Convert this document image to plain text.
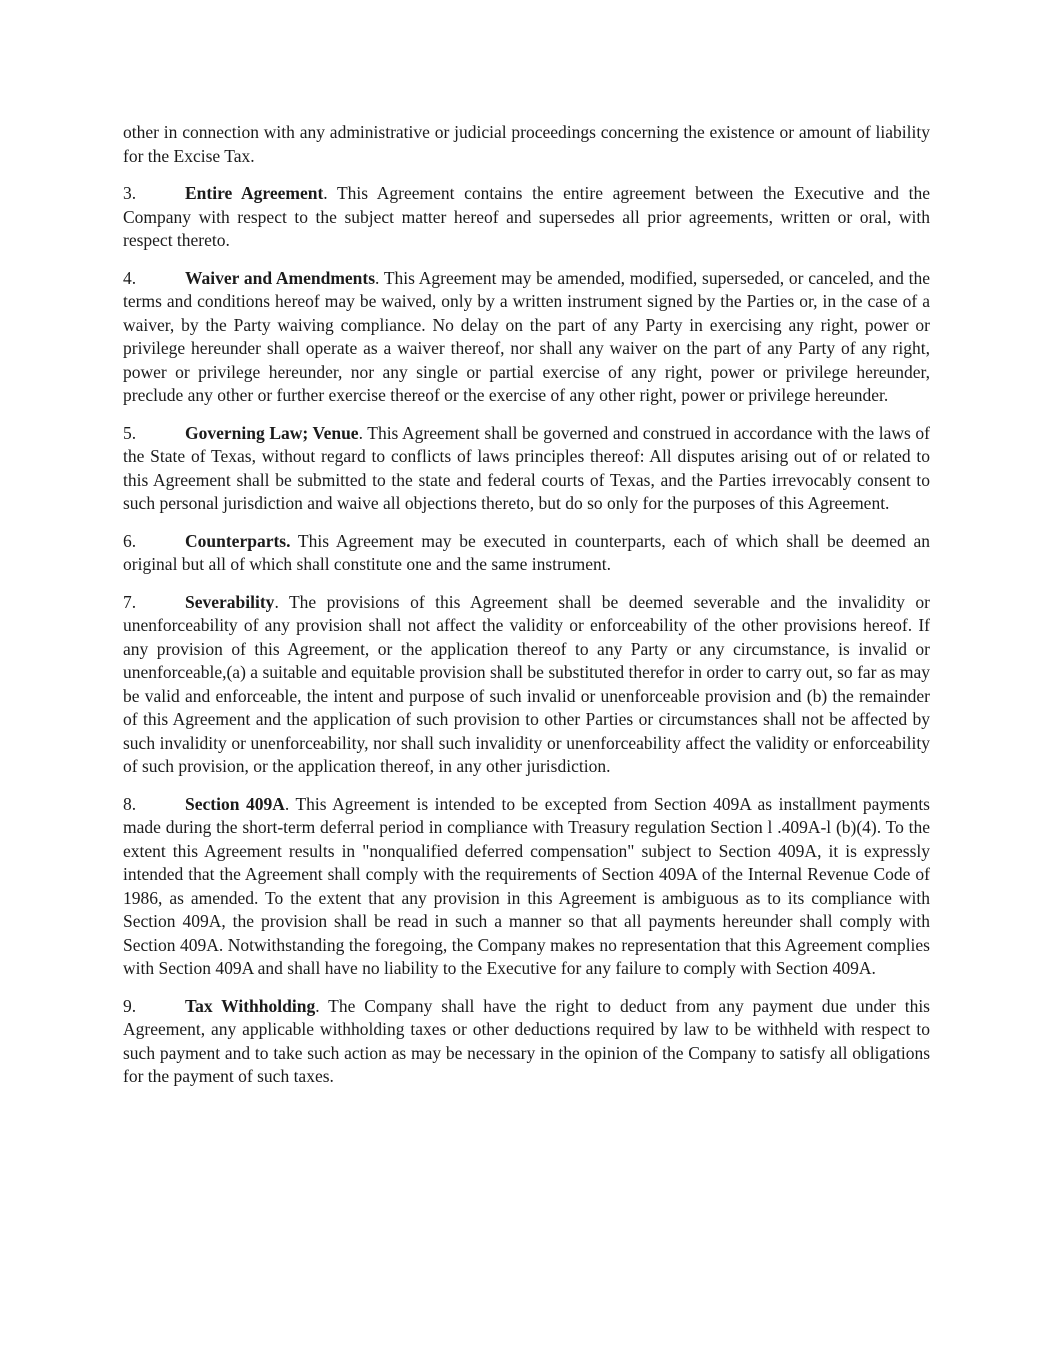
other in connection with any administrative or judicial proceedings concerning the existence or amount of liability for the Excise Tax.

3.	Entire Agreement. This Agreement contains the entire agreement between the Executive and the Company with respect to the subject matter hereof and supersedes all prior agreements, written or oral, with respect thereto.

4.	Waiver and Amendments. This Agreement may be amended, modified, superseded, or canceled, and the terms and conditions hereof may be waived, only by a written instrument signed by the Parties or, in the case of a waiver, by the Party waiving compliance. No delay on the part of any Party in exercising any right, power or privilege hereunder shall operate as a waiver thereof, nor shall any waiver on the part of any Party of any right, power or privilege hereunder, nor any single or partial exercise of any right, power or privilege hereunder, preclude any other or further exercise thereof or the exercise of any other right, power or privilege hereunder.

5.	Governing Law; Venue. This Agreement shall be governed and construed in accordance with the laws of the State of Texas, without regard to conflicts of laws principles thereof: All disputes arising out of or related to this Agreement shall be submitted to the state and federal courts of Texas, and the Parties irrevocably consent to such personal jurisdiction and waive all objections thereto, but do so only for the purposes of this Agreement.

6.	Counterparts. This Agreement may be executed in counterparts, each of which shall be deemed an original but all of which shall constitute one and the same instrument.

7.	Severability. The provisions of this Agreement shall be deemed severable and the invalidity or unenforceability of any provision shall not affect the validity or enforceability of the other provisions hereof. If any provision of this Agreement, or the application thereof to any Party or any circumstance, is invalid or unenforceable,(a) a suitable and equitable provision shall be substituted therefor in order to carry out, so far as may be valid and enforceable, the intent and purpose of such invalid or unenforceable provision and (b) the remainder of this Agreement and the application of such provision to other Parties or circumstances shall not be affected by such invalidity or unenforceability, nor shall such invalidity or unenforceability affect the validity or enforceability of such provision, or the application thereof, in any other jurisdiction.

8.	Section 409A. This Agreement is intended to be excepted from Section 409A as installment payments made during the short-term deferral period in compliance with Treasury regulation Section l .409A-l (b)(4). To the extent this Agreement results in "nonqualified deferred compensation" subject to Section 409A, it is expressly intended that the Agreement shall comply with the requirements of Section 409A of the Internal Revenue Code of 1986, as amended. To the extent that any provision in this Agreement is ambiguous as to its compliance with Section 409A, the provision shall be read in such a manner so that all payments hereunder shall comply with Section 409A. Notwithstanding the foregoing, the Company makes no representation that this Agreement complies with Section 409A and shall have no liability to the Executive for any failure to comply with Section 409A.

9.	Tax Withholding. The Company shall have the right to deduct from any payment due under this Agreement, any applicable withholding taxes or other deductions required by law to be withheld with respect to such payment and to take such action as may be necessary in the opinion of the Company to satisfy all obligations for the payment of such taxes.
